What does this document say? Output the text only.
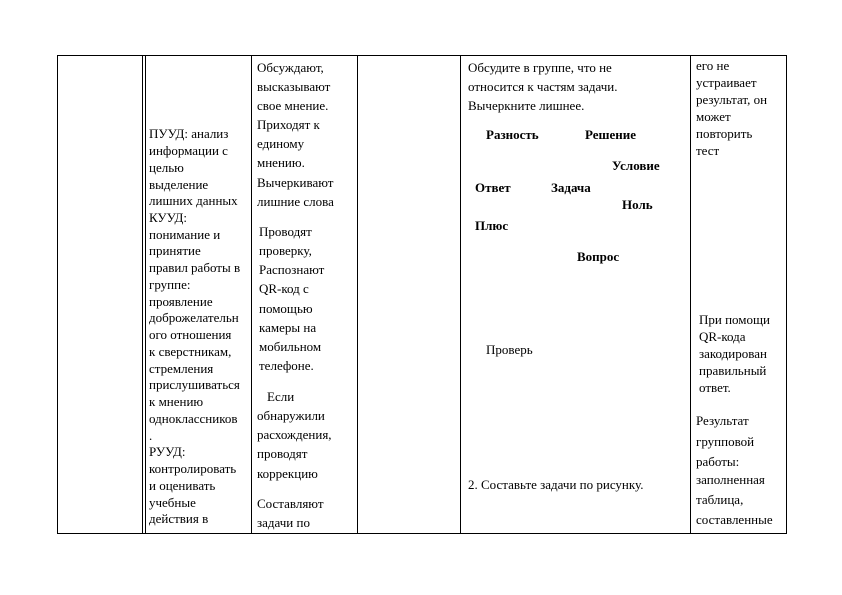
ПУУД: анализ
информации с
целью
выделение
лишних данных
КУУД:
понимание и
принятие
правил работы в
группе:
проявление
доброжелательн
ого отношения
к сверстникам,
стремления
прислушиваться
к мнению
одноклассников
.
РУУД:
контролировать
и оценивать
учебные
действия в
Обсуждают,
высказывают
свое мнение.
Приходят к
единому
мнению.
Вычеркивают
лишние слова
Проводят
проверку,
Распознают
QR-код с
помощью
камеры на
мобильном
телефоне.
Если
обнаружили
расхождения,
проводят
коррекцию
Составляют
задачи по
Обсудите в группе, что не
относится к частям задачи.
Вычеркните лишнее.
Разность	Решение
Условие
Ответ	Задача
Ноль
Плюс
Вопрос
Проверь
2. Составьте задачи по рисунку.
его не
устраивает
результат, он
может
повторить
тест
При помощи
QR-кода
закодирован
правильный
ответ.
Результат
групповой
работы:
заполненная
таблица,
составленные
